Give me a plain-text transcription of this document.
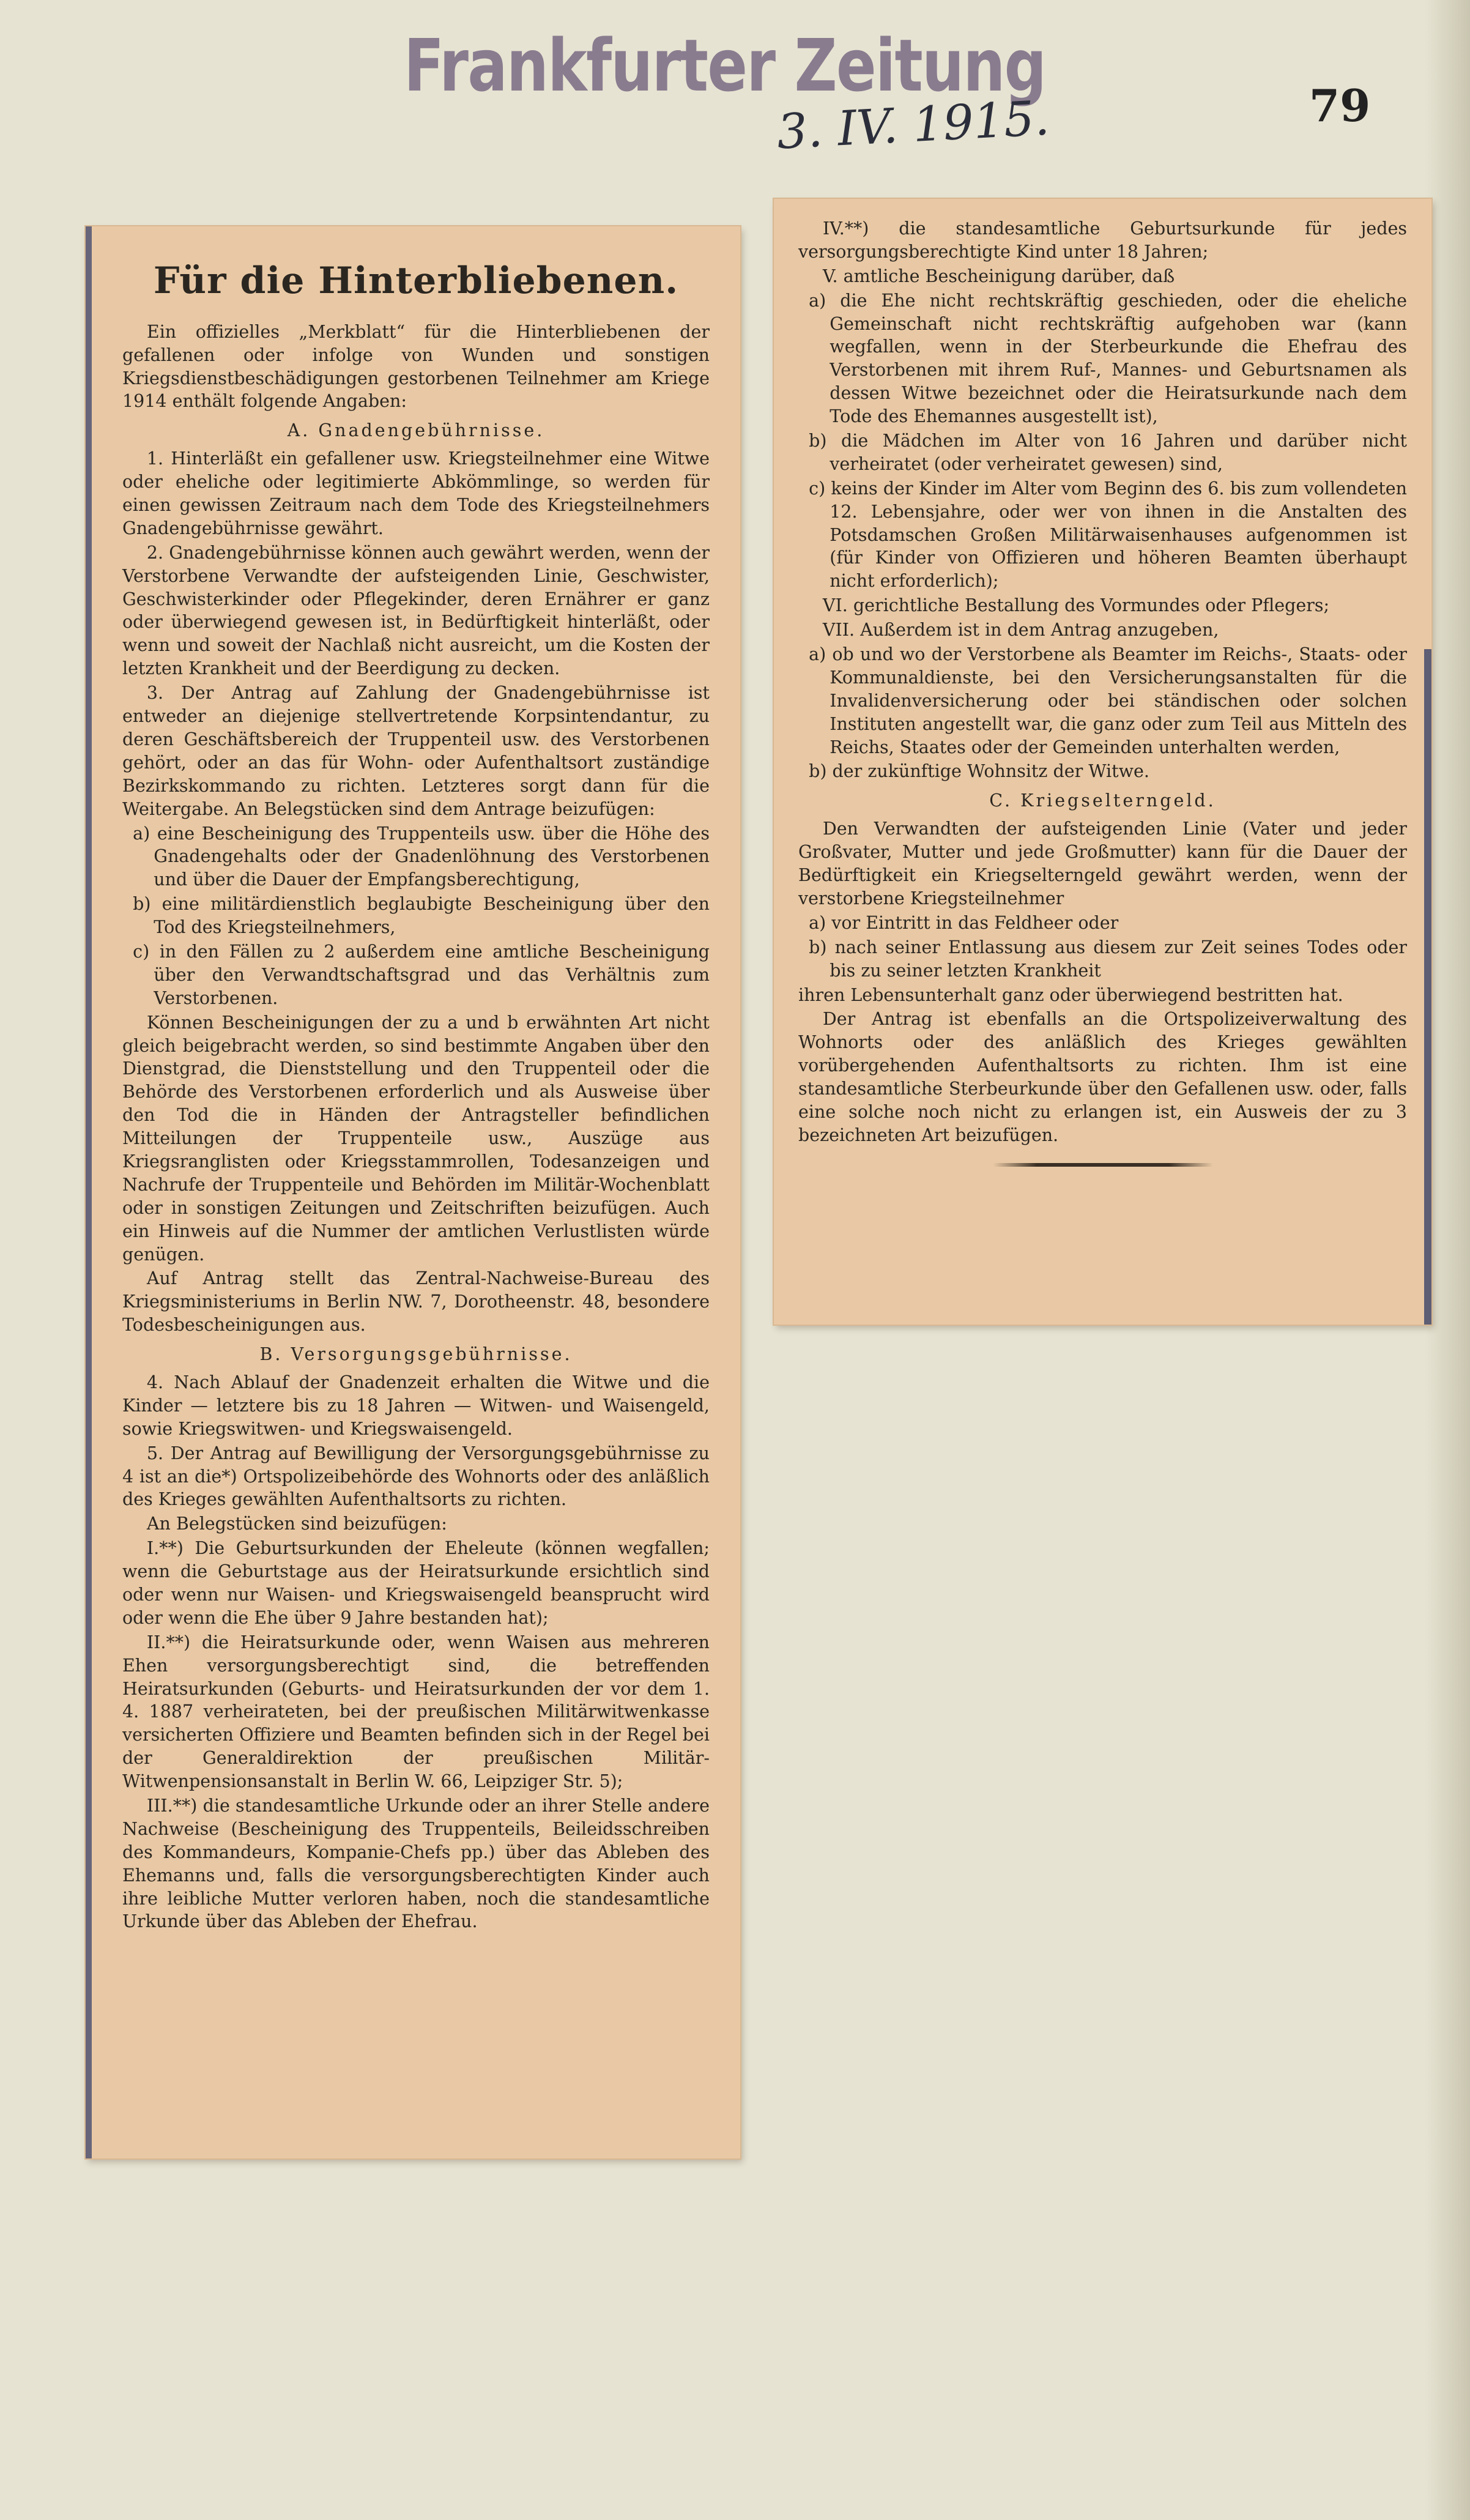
Frankfurter Zeitung
3. IV. 1915.	79
Für die Hinterbliebenen.

Ein offizielles „Merkblatt“ für die Hinterbliebenen der gefallenen oder infolge von Wunden und sonstigen Kriegsdienstbeschädigungen gestorbenen Teilnehmer am Kriege 1914 enthält folgende Angaben:

A. Gnadengebührnisse.

1. Hinterläßt ein gefallener usw. Kriegsteilnehmer eine Witwe oder eheliche oder legitimierte Abkömmlinge, so werden für einen gewissen Zeitraum nach dem Tode des Kriegsteilnehmers Gnadengebührnisse gewährt.

2. Gnadengebührnisse können auch gewährt werden, wenn der Verstorbene Verwandte der aufsteigenden Linie, Geschwister, Geschwisterkinder oder Pflegekinder, deren Ernährer er ganz oder überwiegend gewesen ist, in Bedürftigkeit hinterläßt, oder wenn und soweit der Nachlaß nicht ausreicht, um die Kosten der letzten Krankheit und der Beerdigung zu decken.

3. Der Antrag auf Zahlung der Gnadengebührnisse ist entweder an diejenige stellvertretende Korpsintendantur, zu deren Geschäftsbereich der Truppenteil usw. des Verstorbenen gehört, oder an das für Wohn- oder Aufenthaltsort zuständige Bezirkskommando zu richten. Letzteres sorgt dann für die Weitergabe. An Belegstücken sind dem Antrage beizufügen:

a) eine Bescheinigung des Truppenteils usw. über die Höhe des Gnadengehalts oder der Gnadenlöhnung des Verstorbenen und über die Dauer der Empfangsberechtigung,
b) eine militärdienstlich beglaubigte Bescheinigung über den Tod des Kriegsteilnehmers,
c) in den Fällen zu 2 außerdem eine amtliche Bescheinigung über den Verwandtschaftsgrad und das Verhältnis zum Verstorbenen.

Können Bescheinigungen der zu a und b erwähnten Art nicht gleich beigebracht werden, so sind bestimmte Angaben über den Dienstgrad, die Dienststellung und den Truppenteil oder die Behörde des Verstorbenen erforderlich und als Ausweise über den Tod die in Händen der Antragsteller befindlichen Mitteilungen der Truppenteile usw., Auszüge aus Kriegsranglisten oder Kriegsstammrollen, Todesanzeigen und Nachrufe der Truppenteile und Behörden im Militär-Wochenblatt oder in sonstigen Zeitungen und Zeitschriften beizufügen. Auch ein Hinweis auf die Nummer der amtlichen Verlustlisten würde genügen.

Auf Antrag stellt das Zentral-Nachweise-Bureau des Kriegsministeriums in Berlin NW. 7, Dorotheenstr. 48, besondere Todesbescheinigungen aus.

B. Versorgungsgebührnisse.

4. Nach Ablauf der Gnadenzeit erhalten die Witwe und die Kinder — letztere bis zu 18 Jahren — Witwen- und Waisengeld, sowie Kriegswitwen- und Kriegswaisengeld.

5. Der Antrag auf Bewilligung der Versorgungsgebührnisse zu 4 ist an die*) Ortspolizeibehörde des Wohnorts oder des anläßlich des Krieges gewählten Aufenthaltsorts zu richten.

An Belegstücken sind beizufügen:

I.**) Die Geburtsurkunden der Eheleute (können wegfallen; wenn die Geburtstage aus der Heiratsurkunde ersichtlich sind oder wenn nur Waisen- und Kriegswaisengeld beansprucht wird oder wenn die Ehe über 9 Jahre bestanden hat);

II.**) die Heiratsurkunde oder, wenn Waisen aus mehreren Ehen versorgungsberechtigt sind, die betreffenden Heiratsurkunden (Geburts- und Heiratsurkunden der vor dem 1. 4. 1887 verheirateten, bei der preußischen Militärwitwenkasse versicherten Offiziere und Beamten befinden sich in der Regel bei der Generaldirektion der preußischen Militär-Witwenpensionsanstalt in Berlin W. 66, Leipziger Str. 5);

III.**) die standesamtliche Urkunde oder an ihrer Stelle andere Nachweise (Bescheinigung des Truppenteils, Beileidsschreiben des Kommandeurs, Kompanie-Chefs pp.) über das Ableben des Ehemanns und, falls die versorgungsberechtigten Kinder auch ihre leibliche Mutter verloren haben, noch die standesamtliche Urkunde über das Ableben der Ehefrau.

IV.**) die standesamtliche Geburtsurkunde für jedes versorgungsberechtigte Kind unter 18 Jahren;

V. amtliche Bescheinigung darüber, daß

a) die Ehe nicht rechtskräftig geschieden, oder die eheliche Gemeinschaft nicht rechtskräftig aufgehoben war (kann wegfallen, wenn in der Sterbeurkunde die Ehefrau des Verstorbenen mit ihrem Ruf-, Mannes- und Geburtsnamen als dessen Witwe bezeichnet oder die Heiratsurkunde nach dem Tode des Ehemannes ausgestellt ist),
b) die Mädchen im Alter von 16 Jahren und darüber nicht verheiratet (oder verheiratet gewesen) sind,
c) keins der Kinder im Alter vom Beginn des 6. bis zum vollendeten 12. Lebensjahre, oder wer von ihnen in die Anstalten des Potsdamschen Großen Militärwaisenhauses aufgenommen ist (für Kinder von Offizieren und höheren Beamten überhaupt nicht erforderlich);

VI. gerichtliche Bestallung des Vormundes oder Pflegers;

VII. Außerdem ist in dem Antrag anzugeben,

a) ob und wo der Verstorbene als Beamter im Reichs-, Staats- oder Kommunaldienste, bei den Versicherungsanstalten für die Invalidenversicherung oder bei ständischen oder solchen Instituten angestellt war, die ganz oder zum Teil aus Mitteln des Reichs, Staates oder der Gemeinden unterhalten werden,
b) der zukünftige Wohnsitz der Witwe.
C. Kriegselterngeld.

Den Verwandten der aufsteigenden Linie (Vater und jeder Großvater, Mutter und jede Großmutter) kann für die Dauer der Bedürftigkeit ein Kriegselterngeld gewährt werden, wenn der verstorbene Kriegsteilnehmer

a) vor Eintritt in das Feldheer oder
b) nach seiner Entlassung aus diesem zur Zeit seines Todes oder bis zu seiner letzten Krankheit

ihren Lebensunterhalt ganz oder überwiegend bestritten hat.

Der Antrag ist ebenfalls an die Ortspolizeiverwaltung des Wohnorts oder des anläßlich des Krieges gewählten vorübergehenden Aufenthaltsorts zu richten. Ihm ist eine standesamtliche Sterbeurkunde über den Gefallenen usw. oder, falls eine solche noch nicht zu erlangen ist, ein Ausweis der zu 3 bezeichneten Art beizufügen.
